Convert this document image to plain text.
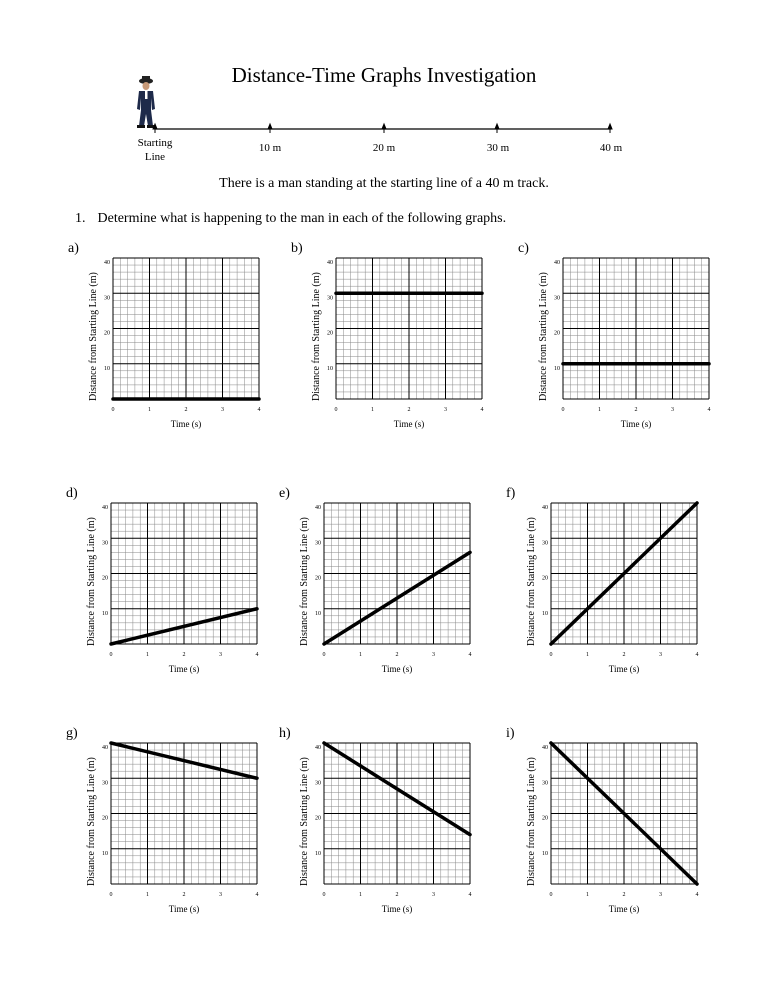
Distance-Time Graphs Investigation
Starting
Line
10 m	20 m	30 m	40 m
There is a man standing at the starting line of a 40 m track.
1. Determine what is happening to the man in each of the following graphs.
a)
0	1	2	3	4
10
20
30
40
Distance from Starting Line (m)
Time (s)
b)
0	1	2	3	4
10
20
30
40
Distance from Starting Line (m)
Time (s)
c)
0	1	2	3	4
10
20
30
40
Distance from Starting Line (m)
Time (s)
d)
0	1	2	3	4
10
20
30
40
Distance from Starting Line (m)
Time (s)
e)
0	1	2	3	4
10
20
30
40
Distance from Starting Line (m)
Time (s)
f)
0	1	2	3	4
10
20
30
40
Distance from Starting Line (m)
Time (s)
g)
0	1	2	3	4
10
20
30
40
Distance from Starting Line (m)
Time (s)
h)
0	1	2	3	4
10
20
30
40
Distance from Starting Line (m)
Time (s)
i)
0	1	2	3	4
10
20
30
40
Distance from Starting Line (m)
Time (s)
